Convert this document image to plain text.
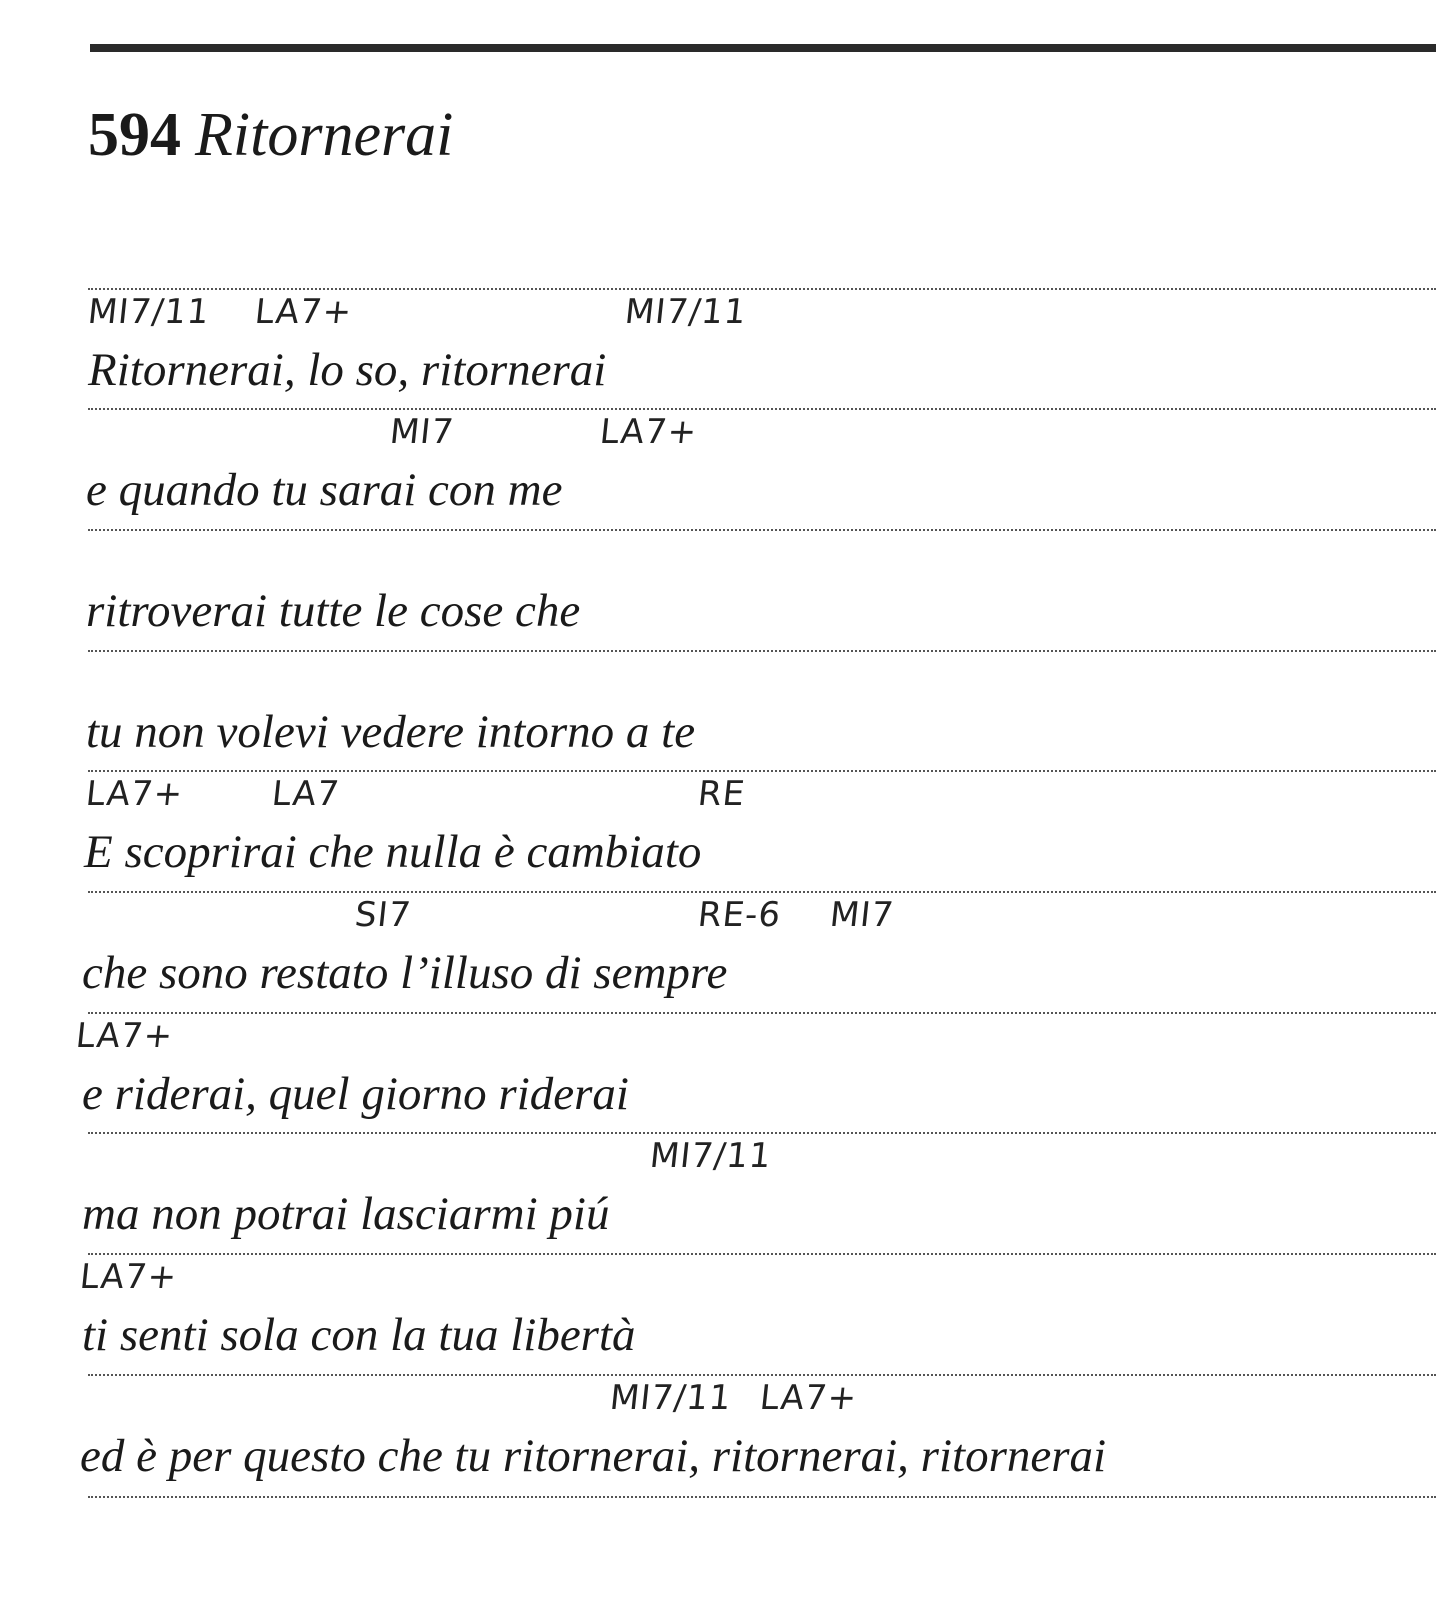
594 Ritornerai
MI7/11 LA7+	MI7/11
Ritornerai, lo so, ritornerai
MI7	LA7+
e quando tu sarai con me
ritroverai tutte le cose che
tu non volevi vedere intorno a te
LA7+ LA7	RE
E scoprirai che nulla è cambiato
SI7	RE-6 MI7
che sono restato l’illuso di sempre
LA7+
e riderai, quel giorno riderai
MI7/11
ma non potrai lasciarmi piú
LA7+
ti senti sola con la tua libertà
MI7/11 LA7+
ed è per questo che tu ritornerai, ritornerai, ritornerai
